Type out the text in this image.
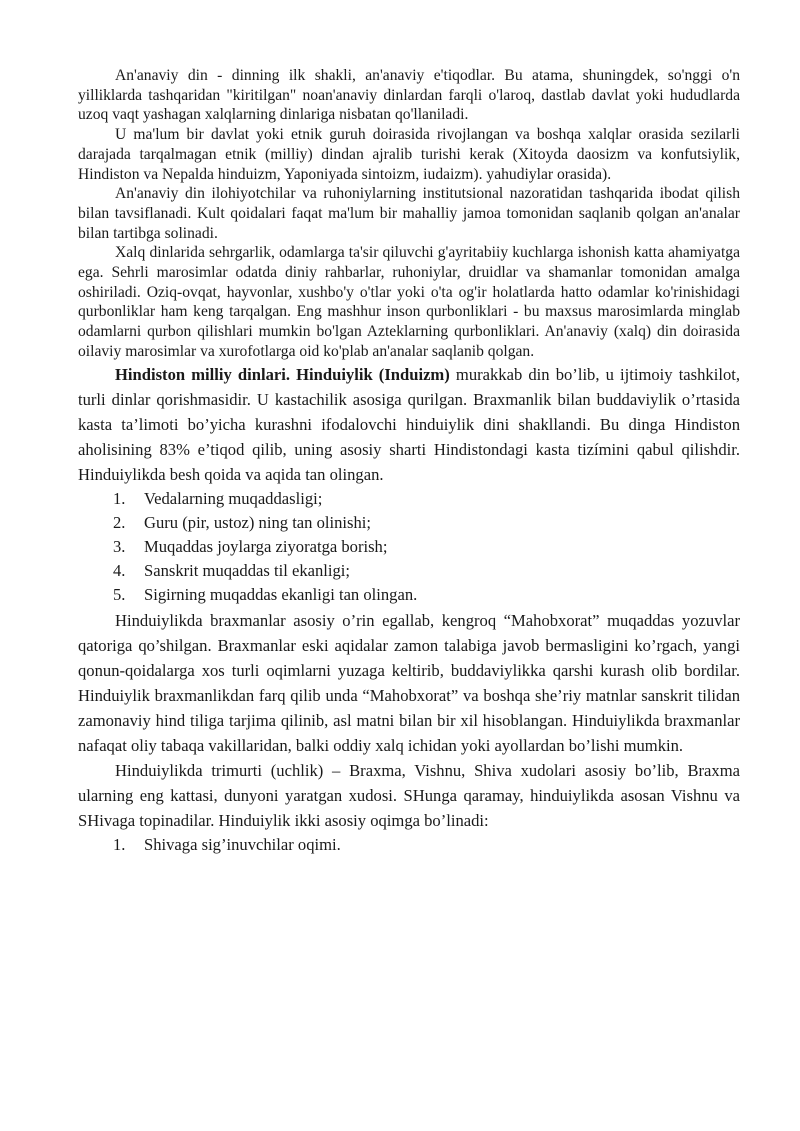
An'anaviy din - dinning ilk shakli, an'anaviy e'tiqodlar. Bu atama, shuningdek, so'nggi o'n yilliklarda tashqaridan "kiritilgan" noan'anaviy dinlardan farqli o'laroq, dastlab davlat yoki hududlarda uzoq vaqt yashagan xalqlarning dinlariga nisbatan qo'llaniladi.

U ma'lum bir davlat yoki etnik guruh doirasida rivojlangan va boshqa xalqlar orasida sezilarli darajada tarqalmagan etnik (milliy) dindan ajralib turishi kerak (Xitoyda daosizm va konfutsiylik, Hindiston va Nepalda hinduizm, Yaponiyada sintoizm, iudaizm). yahudiylar orasida).

An'anaviy din ilohiyotchilar va ruhoniylarning institutsional nazoratidan tashqarida ibodat qilish bilan tavsiflanadi. Kult qoidalari faqat ma'lum bir mahalliy jamoa tomonidan saqlanib qolgan an'analar bilan tartibga solinadi.

Xalq dinlarida sehrgarlik, odamlarga ta'sir qiluvchi g'ayritabiiy kuchlarga ishonish katta ahamiyatga ega. Sehrli marosimlar odatda diniy rahbarlar, ruhoniylar, druidlar va shamanlar tomonidan amalga oshiriladi. Oziq-ovqat, hayvonlar, xushbo'y o'tlar yoki o'ta og'ir holatlarda hatto odamlar ko'rinishidagi qurbonliklar ham keng tarqalgan. Eng mashhur inson qurbonliklari - bu maxsus marosimlarda minglab odamlarni qurbon qilishlari mumkin bo'lgan Azteklarning qurbonliklari. An'anaviy (xalq) din doirasida oilaviy marosimlar va xurofotlarga oid ko'plab an'analar saqlanib qolgan.

Hindiston milliy dinlari. Hinduiylik (Induizm) murakkab din bo’lib, u ijtimoiy tashkilot, turli dinlar qorishmasidir. U kastachilik asosiga qurilgan. Braxmanlik bilan buddaviylik o’rtasida kasta ta’limoti bo’yicha kurashni ifodalovchi hinduiylik dini shakllandi. Bu dinga Hindiston aholisining 83% e’tiqod qilib, uning asosiy sharti Hindistondagi kasta tizímini qabul qilishdir. Hinduiylikda besh qoida va aqida tan olingan.

1. Vedalarning muqaddasligi;
2. Guru (pir, ustoz) ning tan olinishi;
3. Muqaddas joylarga ziyoratga borish;
4. Sanskrit muqaddas til ekanligi;
5. Sigirning muqaddas ekanligi tan olingan.

Hinduiylikda braxmanlar asosiy o’rin egallab, kengroq “Mahobxorat” muqaddas yozuvlar qatoriga qo’shilgan. Braxmanlar eski aqidalar zamon talabiga javob bermasligini ko’rgach, yangi qonun-qoidalarga xos turli oqimlarni yuzaga keltirib, buddaviylikka qarshi kurash olib bordilar. Hinduiylik braxmanlikdan farq qilib unda “Mahobxorat” va boshqa she’riy matnlar sanskrit tilidan zamonaviy hind tiliga tarjima qilinib, asl matni bilan bir xil hisoblangan. Hinduiylikda braxmanlar nafaqat oliy tabaqa vakillaridan, balki oddiy xalq ichidan yoki ayollardan bo’lishi mumkin.

Hinduiylikda trimurti (uchlik) – Braxma, Vishnu, Shiva xudolari asosiy bo’lib, Braxma ularning eng kattasi, dunyoni yaratgan xudosi. SHunga qaramay, hinduiylikda asosan Vishnu va SHivaga topinadilar. Hinduiylik ikki asosiy oqimga bo’linadi:

1. Shivaga sig’inuvchilar oqimi.
